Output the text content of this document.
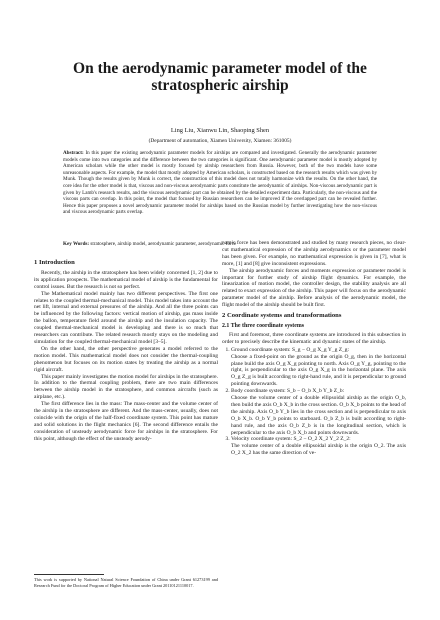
On the aerodynamic parameter model of the stratospheric airship
Ling Liu, Xianwu Lin, Shaoping Shen
(Department of automation, Xiamen University, Xiamen: 361005)

Abstract: In this paper the existing aerodynamic parameter models for airships are compared and investigated. Generally the aerodynamic parameter models come into two categories and the difference between the two categories is significant. One aerodynamic parameter model is mostly adopted by American scholars while the other model is mostly focused by airship researchers from Russia. However, both of the two models have some unreasonable aspects. For example, the model that mostly adopted by American scholars, is constructed based on the research results which was given by Munk. Though the results given by Munk is correct, the construction of this model does not totally harmonize with the results. On the other hand, the core idea for the other model is that, viscous and non-viscous aerodynamic parts constitute the aerodynamic of airships. Non-viscous aerodynamic part is given by Lamb's research results, and the viscous aerodynamic part can be obtained by the detailed experiment data. Particularly, the non-viscous and the viscous parts can overlap. In this point, the model that focused by Russian researchers can be improved if the overlapped part can be revealed further. Hence this paper proposes a novel aerodynamic parameter model for airships based on the Russian model by further investigating how the non-viscous and viscous aerodynamic parts overlap.

Key Words: stratosphere, airship model, aerodynamic parameter, aerodynamic force

1 Introduction

Recently, the airship in the stratosphere has been widely concerned [1, 2] due to its application prospects. The mathematical model of airship is the fundamental for control issues. But the research is not so perfect.

The Mathematical model mainly has two different perspectives. The first one relates to the coupled thermal-mechanical model. This model takes into account the net lift, internal and external pressures of the airship. And all the three points can be influenced by the following factors: vertical motion of airship, gas mass inside the ballon, temperature field around the airship and the insulation capacity. The coupled thermal-mechanical model is developing and there is so much that researchers can contribute. The related research mostly stays on the modeling and simulation for the coupled thermal-mechanical model [3–5].

On the other hand, the other perspective generates a model referred to the motion model. This mathematical model does not consider the thermal-coupling phenomenon but focuses on its motion states by treating the airship as a normal rigid aircraft.

This paper mainly investigates the motion model for airships in the stratosphere. In addition to the thermal coupling problem, there are two main differences between the airship model in the stratosphere, and common aircrafts (such as airplane, etc.).

The first difference lies in the mass: The mass-center and the volume center of the airship in the stratosphere are different. And the mass-center, usually, does not coincide with the origin of the half-fixed coordinate system. This point has mature and solid solutions in the flight mechanics [6]. The second difference entails the consideration of unsteady aerodynamic force for airships in the stratosphere. For this point, although the effect of the unsteady aerody-

namic force has been demonstrated and studied by many research pieces, no clear-cut mathematical expression of the airship aerodynamics or the parameter model has been given. For example, no mathematical expression is given in [7], what is more, [1] and [8] give inconsistent expressions.

The airship aerodynamic forces and moments expression or parameter model is important for further study of airship flight dynamics. For example, the linearization of motion model, the controller design, the stability analysis are all related to exact expression of the airship. This paper will focus on the aerodynamic parameter model of the airship. Before analysis of the aerodynamic model, the flight model of the airship should be built first.

2 Coordinate systems and transformations
2.1 The three coordinate systems

First and foremost, three coordinate systems are introduced in this subsection in order to precisely describe the kinematic and dynamic states of the airship.

1. Ground coordinate system: S_g − O_g X_g Y_g Z_g:
Choose a fixed-point on the ground as the origin O_g, then in the horizontal plane build the axis O_g X_g pointing to north. Axis O_g Y_g, pointing to the right, is perpendicular to the axis O_g X_g in the horizontal plane. The axis O_g Z_g is built according to right-hand rule, and it is perpendicular to ground pointing downwards.
2. Body coordinate system: S_b − O_b X_b Y_b Z_b:
Choose the volume center of a double ellipsoidal airship as the origin O_b, then build the axis O_b X_b in the cross section. O_b X_b points to the head of the airship. Axis O_b Y_b lies in the cross section and is perpendicular to axis O_b X_b. O_b Y_b points to starboard. O_b Z_b is built according to right-hand rule, and the axis O_b Z_b is in the longitudinal section, which is perpendicular to the axis O_b X_b and points downwards.
3. Velocity coordinate system: S_2 − O_2 X_2 Y_2 Z_2:
The volume center of a double ellipsoidal airship is the origin O_2. The axis O_2 X_2 has the same direction of ve-

This work is supported by National Natural Science Foundation of China under Grant 61273199 and Research Fund for the Doctoral Program of Higher Education under Grant 20110121110017.
